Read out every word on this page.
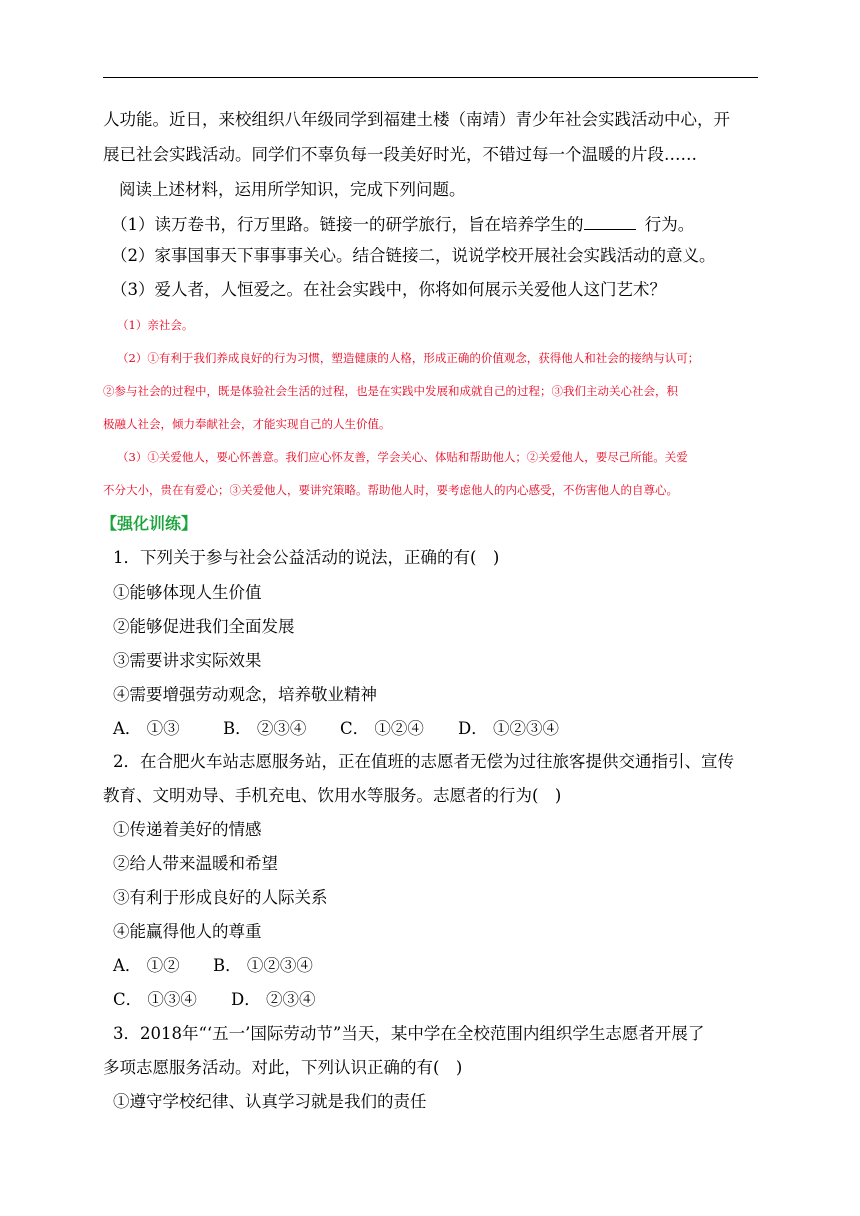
人功能。近日，来校组织八年级同学到福建土楼（南靖）青少年社会实践活动中心，开
展已社会实践活动。同学们不辜负每一段美好时光，不错过每一个温暖的片段……
阅读上述材料，运用所学知识，完成下列问题。
（1）读万卷书，行万里路。链接一的研学旅行，旨在培养学生的	行为。
（2）家事国事天下事事事关心。结合链接二，说说学校开展社会实践活动的意义。
（3）爱人者，人恒爱之。在社会实践中，你将如何展示关爱他人这门艺术？
（1）亲社会。
（2）①有利于我们养成良好的行为习惯，塑造健康的人格，形成正确的价值观念，获得他人和社会的接纳与认可；
②参与社会的过程中，既是体验社会生活的过程，也是在实践中发展和成就自己的过程；③我们主动关心社会，积
极融人社会，倾力奉献社会，才能实现自己的人生价值。
（3）①关爱他人，要心怀善意。我们应心怀友善，学会关心、体贴和帮助他人；②关爱他人，要尽己所能。关爱
不分大小，贵在有爱心；③关爱他人，要讲究策略。帮助他人时，要考虑他人的内心感受，不伤害他人的自尊心。
【强化训练】
1．下列关于参与社会公益活动的说法，正确的有(　)
①能够体现人生价值
②能够促进我们全面发展
③需要讲求实际效果
④需要增强劳动观念，培养敬业精神
A． ①③	B． ②③④ C． ①②④ D． ①②③④
2．在合肥火车站志愿服务站，正在值班的志愿者无偿为过往旅客提供交通指引、宣传
教育、文明劝导、手机充电、饮用水等服务。志愿者的行为(　)
①传递着美好的情感
②给人带来温暖和希望
③有利于形成良好的人际关系
④能赢得他人的尊重
A． ①② B． ①②③④
C． ①③④ D． ②③④
3．2018年“‘五一’国际劳动节”当天，某中学在全校范围内组织学生志愿者开展了
多项志愿服务活动。对此，下列认识正确的有(　)
①遵守学校纪律、认真学习就是我们的责任
